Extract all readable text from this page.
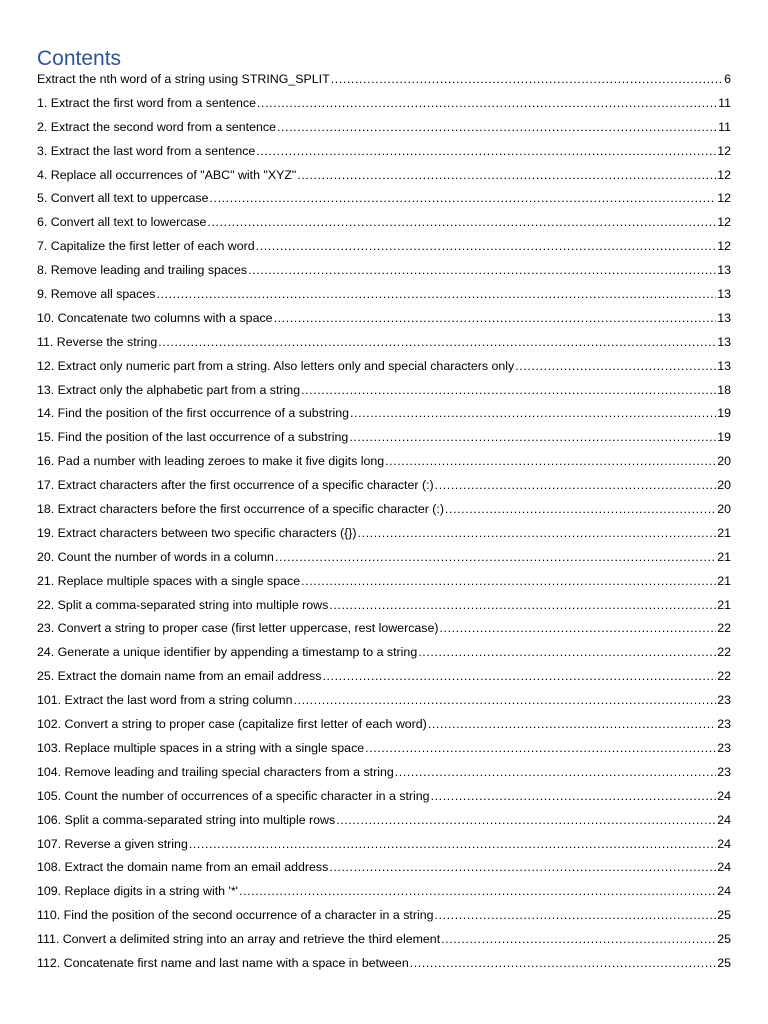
Contents
Extract the nth word of a string using STRING_SPLIT .....	6
1. Extract the first word from a sentence .....	11
2. Extract the second word from a sentence .....	11
3. Extract the last word from a sentence .....	12
4. Replace all occurrences of "ABC" with "XYZ" .....	12
5. Convert all text to uppercase .....	12
6. Convert all text to lowercase .....	12
7. Capitalize the first letter of each word .....	12
8. Remove leading and trailing spaces .....	13
9. Remove all spaces .....	13
10. Concatenate two columns with a space .....	13
11. Reverse the string .....	13
12. Extract only numeric part from a string. Also letters only and special characters only .....	13
13. Extract only the alphabetic part from a string .....	18
14. Find the position of the first occurrence of a substring .....	19
15. Find the position of the last occurrence of a substring .....	19
16. Pad a number with leading zeroes to make it five digits long .....	20
17. Extract characters after the first occurrence of a specific character (:) .....	20
18. Extract characters before the first occurrence of a specific character (:) .....	20
19. Extract characters between two specific characters ({}) .....	21
20. Count the number of words in a column .....	21
21. Replace multiple spaces with a single space .....	21
22. Split a comma-separated string into multiple rows .....	21
23. Convert a string to proper case (first letter uppercase, rest lowercase) .....	22
24. Generate a unique identifier by appending a timestamp to a string .....	22
25. Extract the domain name from an email address .....	22
101. Extract the last word from a string column .....	23
102. Convert a string to proper case (capitalize first letter of each word) .....	23
103. Replace multiple spaces in a string with a single space .....	23
104. Remove leading and trailing special characters from a string .....	23
105. Count the number of occurrences of a specific character in a string .....	24
106. Split a comma-separated string into multiple rows .....	24
107. Reverse a given string .....	24
108. Extract the domain name from an email address .....	24
109. Replace digits in a string with '*' .....	24
110. Find the position of the second occurrence of a character in a string .....	25
111. Convert a delimited string into an array and retrieve the third element .....	25
112. Concatenate first name and last name with a space in between .....	25
